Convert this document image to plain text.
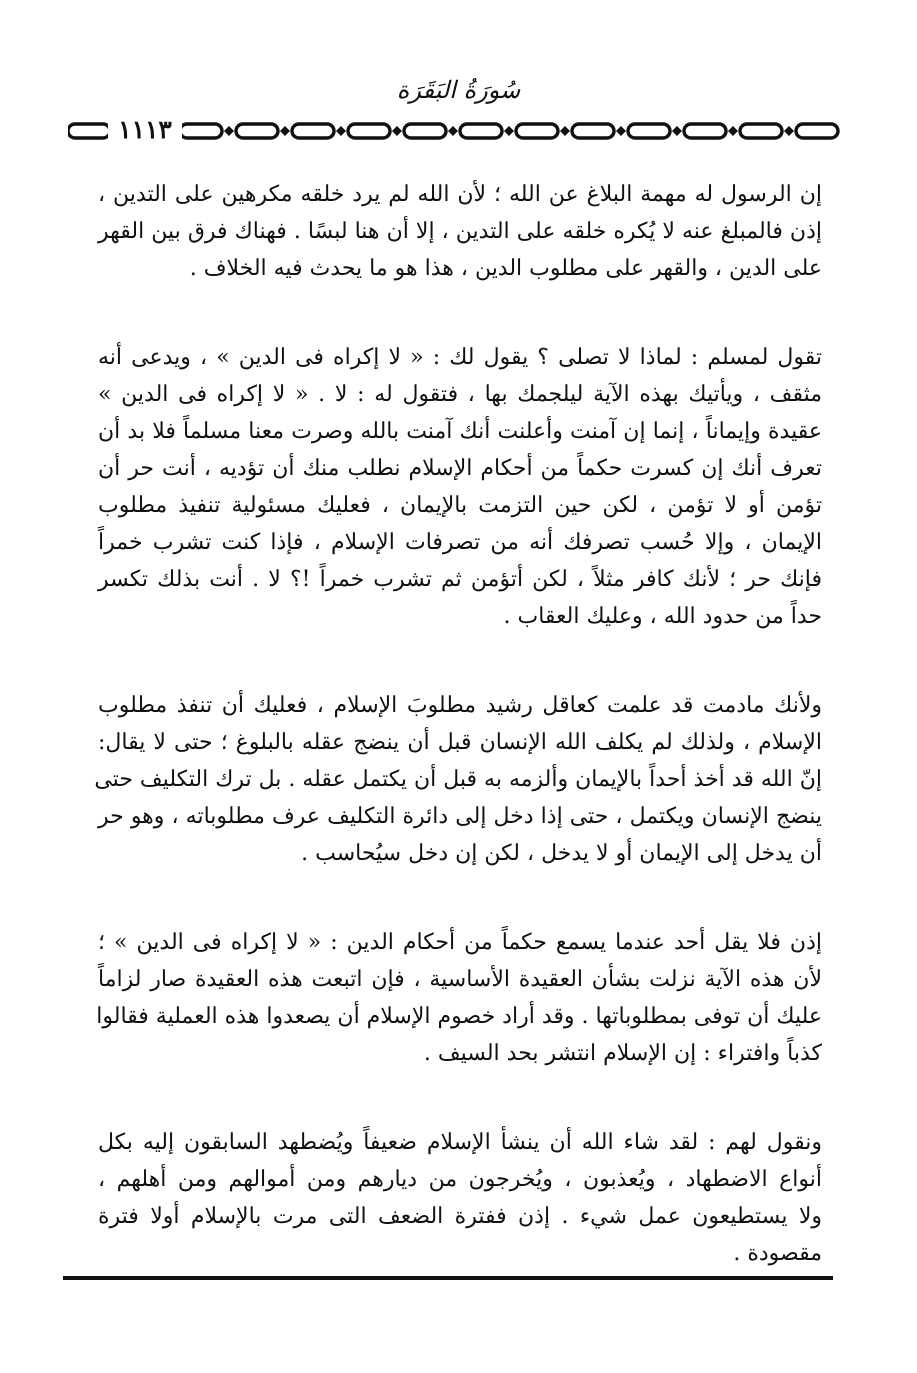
سُورَةُ البَقَرَة
١١١٣
إن الرسول له مهمة البلاغ عن الله ؛ لأن الله لم يرد خلقه مكرهين على التدين ،
إذن فالمبلغ عنه لا يُكره خلقه على التدين ، إلا أن هنا لبسًا . فهناك فرق بين القهر
على الدين ، والقهر على مطلوب الدين ، هذا هو ما يحدث فيه الخلاف .
تقول لمسلم : لماذا لا تصلى ؟ يقول لك : « لا إكراه فى الدين » ، ويدعى أنه
مثقف ، ويأتيك بهذه الآية ليلجمك بها ، فتقول له : لا . « لا إكراه فى الدين »
عقيدة وإيماناً ، إنما إن آمنت وأعلنت أنك آمنت بالله وصرت معنا مسلماً فلا بد أن
تعرف أنك إن كسرت حكماً من أحكام الإسلام نطلب منك أن تؤديه ، أنت حر أن
تؤمن أو لا تؤمن ، لكن حين التزمت بالإيمان ، فعليك مسئولية تنفيذ مطلوب
الإيمان ، وإلا حُسب تصرفك أنه من تصرفات الإسلام ، فإذا كنت تشرب خمراً
فإنك حر ؛ لأنك كافر مثلاً ، لكن أتؤمن ثم تشرب خمراً !؟ لا . أنت بذلك تكسر
حداً من حدود الله ، وعليك العقاب .
ولأنك مادمت قد علمت كعاقل رشيد مطلوبَ الإسلام ، فعليك أن تنفذ مطلوب
الإسلام ، ولذلك لم يكلف الله الإنسان قبل أن ينضج عقله بالبلوغ ؛ حتى لا يقال:
إنّ الله قد أخذ أحداً بالإيمان وألزمه به قبل أن يكتمل عقله . بل ترك التكليف حتى
ينضج الإنسان ويكتمل ، حتى إذا دخل إلى دائرة التكليف عرف مطلوباته ، وهو حر
أن يدخل إلى الإيمان أو لا يدخل ، لكن إن دخل سيُحاسب .
إذن فلا يقل أحد عندما يسمع حكماً من أحكام الدين : « لا إكراه فى الدين » ؛
لأن هذه الآية نزلت بشأن العقيدة الأساسية ، فإن اتبعت هذه العقيدة صار لزاماً
عليك أن توفى بمطلوباتها . وقد أراد خصوم الإسلام أن يصعدوا هذه العملية فقالوا
كذباً وافتراء : إن الإسلام انتشر بحد السيف .
ونقول لهم : لقد شاء الله أن ينشأ الإسلام ضعيفاً ويُضطهد السابقون إليه بكل
أنواع الاضطهاد ، ويُعذبون ، ويُخرجون من ديارهم ومن أموالهم ومن أهلهم ،
ولا يستطيعون عمل شيء . إذن ففترة الضعف التى مرت بالإسلام أولا فترة
مقصودة .
